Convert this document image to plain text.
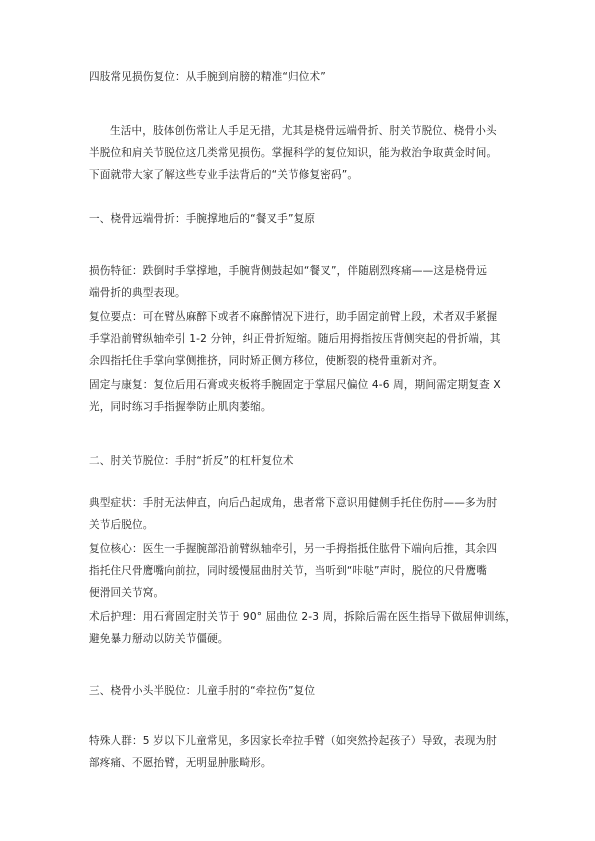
四肢常见损伤复位：从手腕到肩膀的精准“归位术”
生活中，肢体创伤常让人手足无措，尤其是桡骨远端骨折、肘关节脱位、桡骨小头
半脱位和肩关节脱位这几类常见损伤。掌握科学的复位知识，能为救治争取黄金时间。
下面就带大家了解这些专业手法背后的“关节修复密码”。
一、桡骨远端骨折：手腕撑地后的“餐叉手”复原
损伤特征：跌倒时手掌撑地，手腕背侧鼓起如“餐叉”，伴随剧烈疼痛——这是桡骨远
端骨折的典型表现。
复位要点：可在臂丛麻醉下或者不麻醉情况下进行，助手固定前臂上段，术者双手紧握
手掌沿前臂纵轴牵引 1-2 分钟，纠正骨折短缩。随后用拇指按压背侧突起的骨折端，其
余四指托住手掌向掌侧推挤，同时矫正侧方移位，使断裂的桡骨重新对齐。
固定与康复：复位后用石膏或夹板将手腕固定于掌屈尺偏位 4-6 周，期间需定期复查 X
光，同时练习手指握拳防止肌肉萎缩。
二、肘关节脱位：手肘“折反”的杠杆复位术
典型症状：手肘无法伸直，向后凸起成角，患者常下意识用健侧手托住伤肘——多为肘
关节后脱位。
复位核心：医生一手握腕部沿前臂纵轴牵引，另一手拇指抵住肱骨下端向后推，其余四
指托住尺骨鹰嘴向前拉，同时缓慢屈曲肘关节，当听到“咔哒”声时，脱位的尺骨鹰嘴
便滑回关节窝。
术后护理：用石膏固定肘关节于 90° 屈曲位 2-3 周，拆除后需在医生指导下做屈伸训练，
避免暴力掰动以防关节僵硬。
三、桡骨小头半脱位：儿童手肘的“牵拉伤”复位
特殊人群：5 岁以下儿童常见，多因家长牵拉手臂（如突然拎起孩子）导致，表现为肘
部疼痛、不愿抬臂，无明显肿胀畸形。
